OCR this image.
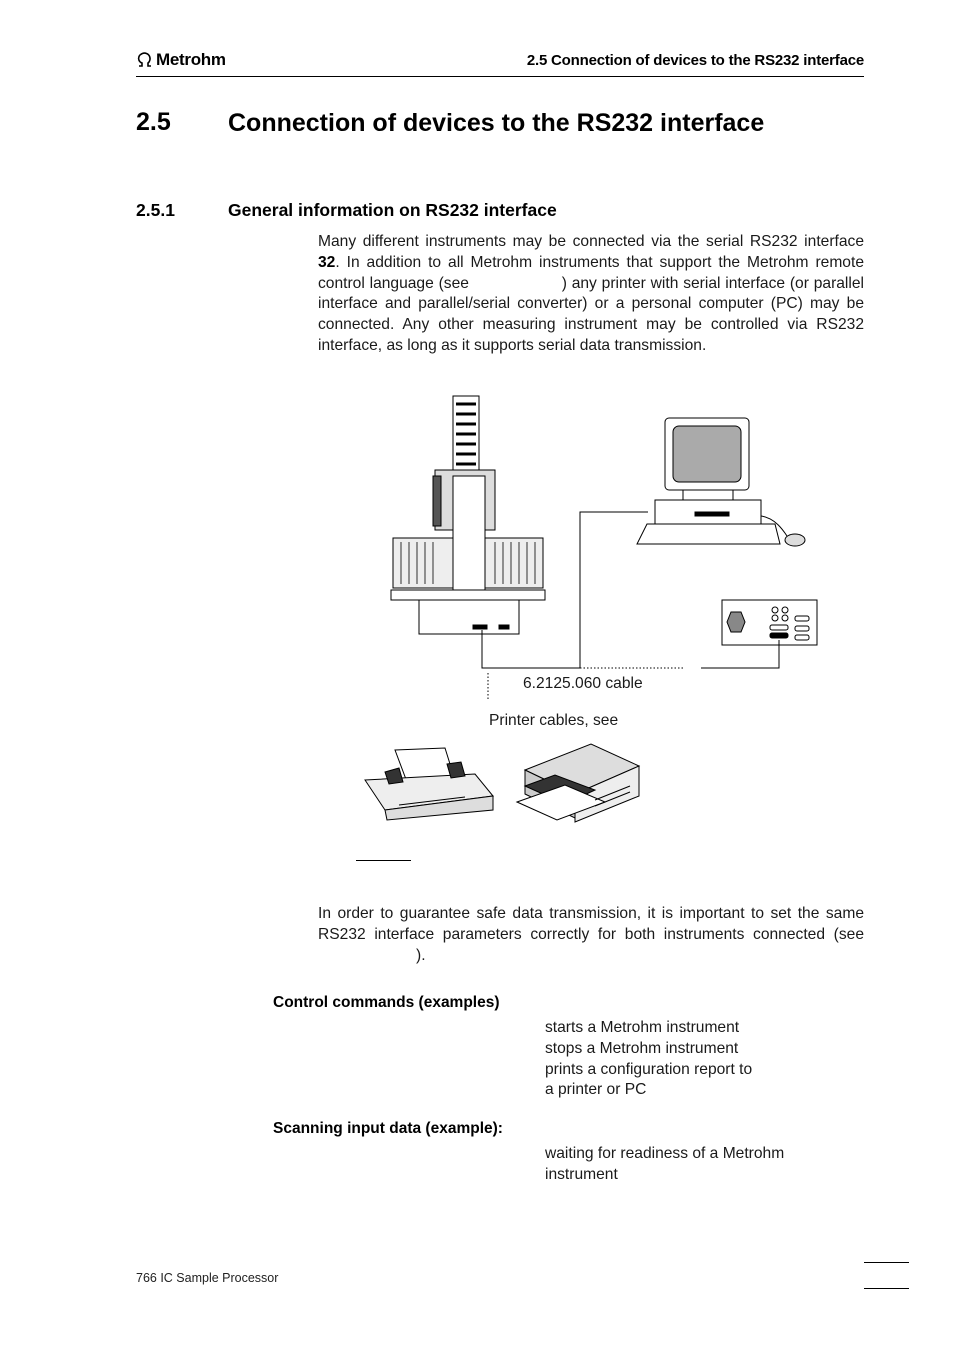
Metrohm	2.5 Connection of devices to the RS232 interface
2.5 Connection of devices to the RS232 interface
2.5.1	General information on RS232 interface
Many different instruments may be connected via the serial RS232 interface 32. In addition to all Metrohm instruments that support the Metrohm remote control language (see	) any printer with serial interface (or parallel interface and parallel/serial converter) or a personal computer (PC) may be connected. Any other measuring instrument may be controlled via RS232 interface, as long as it supports serial data transmission.
6.2125.060 cable
Printer cables, see
In order to guarantee safe data transmission, it is important to set the same RS232 interface parameters correctly for both instruments connected (see ).
Control commands (examples)
starts a Metrohm instrument
stops a Metrohm instrument
prints a configuration report to
a printer or PC
Scanning input data (example):
waiting for readiness of a Metrohm
instrument
766 IC Sample Processor
